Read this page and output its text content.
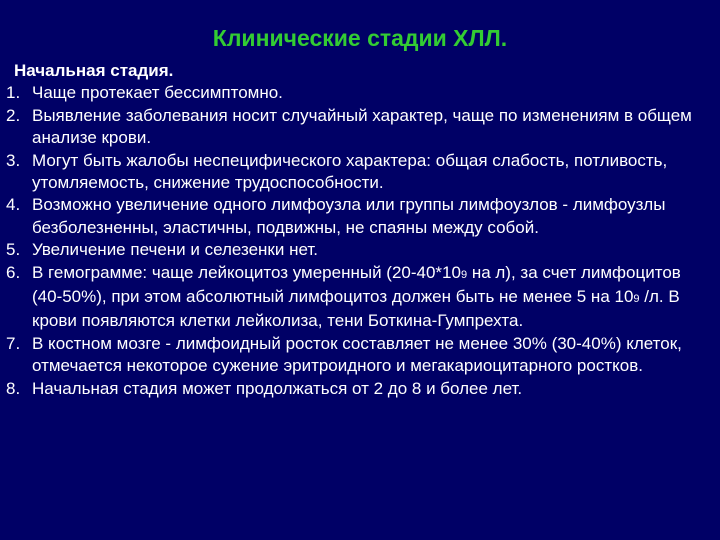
Клинические стадии ХЛЛ.
Начальная стадия.
1. Чаще протекает бессимптомно.
2. Выявление заболевания носит случайный характер, чаще по изменениям в общем анализе крови.
3. Могут быть жалобы неспецифического характера: общая слабость, потливость, утомляемость, снижение трудоспособности.
4. Возможно увеличение одного лимфоузла или группы лимфоузлов - лимфоузлы безболезненны, эластичны, подвижны, не спаяны между собой.
5. Увеличение печени и селезенки нет.
6. В гемограмме: чаще лейкоцитоз умеренный (20-40*109 на л), за счет лимфоцитов (40-50%), при этом абсолютный лимфоцитоз должен быть не менее 5 на 109 /л. В крови появляются клетки лейколиза, тени Боткина-Гумпрехта.
7. В костном мозге - лимфоидный росток составляет не менее 30% (30-40%) клеток, отмечается некоторое сужение эритроидного и мегакариоцитарного ростков.
8. Начальная стадия может продолжаться от 2 до 8 и более лет.
